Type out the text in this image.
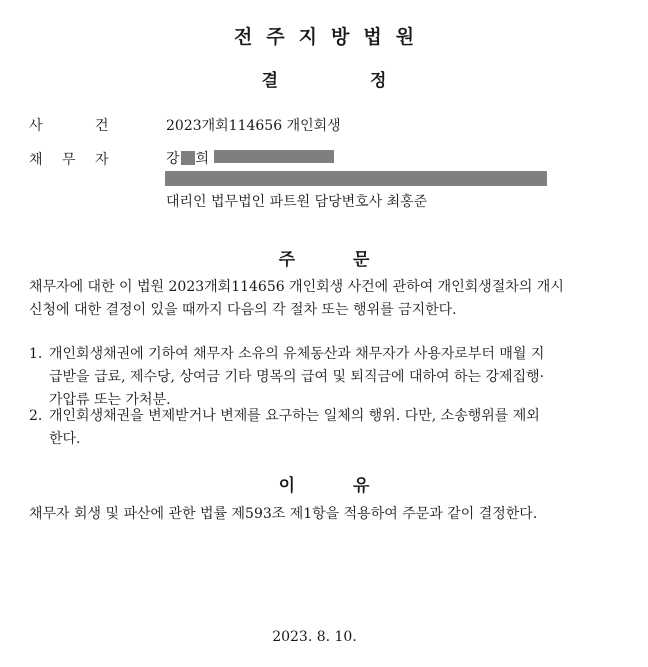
전주지방법원
결	정
사	건	2023개회114656 개인회생
채 무 자	강 희
대리인 법무법인 파트원 담당변호사 최홍준
주	문
채무자에 대한 이 법원 2023개회114656 개인회생 사건에 관하여 개인회생절차의 개시
신청에 대한 결정이 있을 때까지 다음의 각 절차 또는 행위를 금지한다.
1. 개인회생채권에 기하여 채무자 소유의 유체동산과 채무자가 사용자로부터 매월 지
급받을 급료, 제수당, 상여금 기타 명목의 급여 및 퇴직금에 대하여 하는 강제집행·
가압류 또는 가처분.
2. 개인회생채권을 변제받거나 변제를 요구하는 일체의 행위. 다만, 소송행위를 제외
한다.
이	유
채무자 회생 및 파산에 관한 법률 제593조 제1항을 적용하여 주문과 같이 결정한다.
2023. 8. 10.
